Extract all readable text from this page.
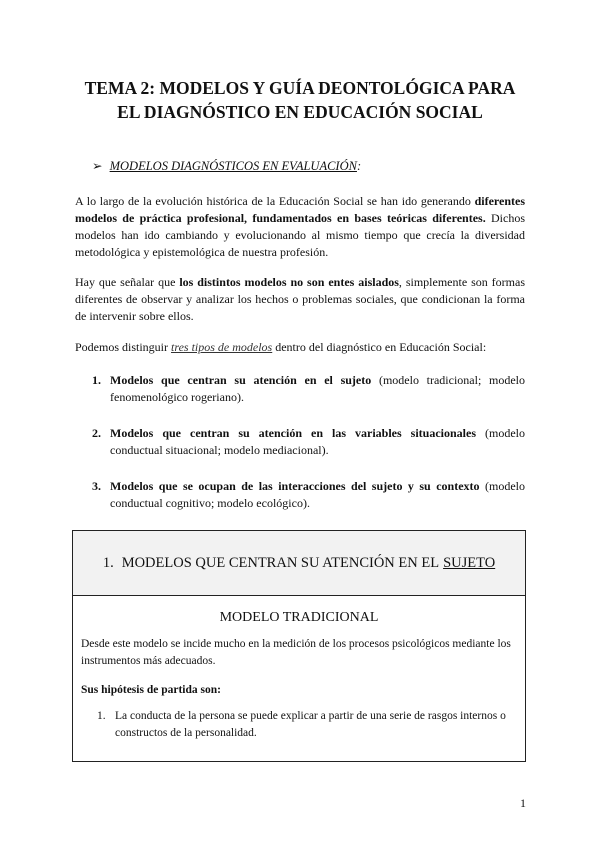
TEMA 2: MODELOS Y GUÍA DEONTOLÓGICA PARA
EL DIAGNÓSTICO EN EDUCACIÓN SOCIAL
➢ MODELOS DIAGNÓSTICOS EN EVALUACIÓN:

A lo largo de la evolución histórica de la Educación Social se han ido generando diferentes modelos de práctica profesional, fundamentados en bases teóricas diferentes. Dichos modelos han ido cambiando y evolucionando al mismo tiempo que crecía la diversidad metodológica y epistemológica de nuestra profesión.

Hay que señalar que los distintos modelos no son entes aislados, simplemente son formas diferentes de observar y analizar los hechos o problemas sociales, que condicionan la forma de intervenir sobre ellos.

Podemos distinguir tres tipos de modelos dentro del diagnóstico en Educación Social:

1. Modelos que centran su atención en el sujeto (modelo tradicional; modelo fenomenológico rogeriano).
2. Modelos que centran su atención en las variables situacionales (modelo conductual situacional; modelo mediacional).
3. Modelos que se ocupan de las interacciones del sujeto y su contexto (modelo conductual cognitivo; modelo ecológico).
1. MODELOS QUE CENTRAN SU ATENCIÓN EN EL SUJETO
MODELO TRADICIONAL

Desde este modelo se incide mucho en la medición de los procesos psicológicos mediante los instrumentos más adecuados.

Sus hipótesis de partida son:
1. La conducta de la persona se puede explicar a partir de una serie de rasgos internos o constructos de la personalidad.
1
